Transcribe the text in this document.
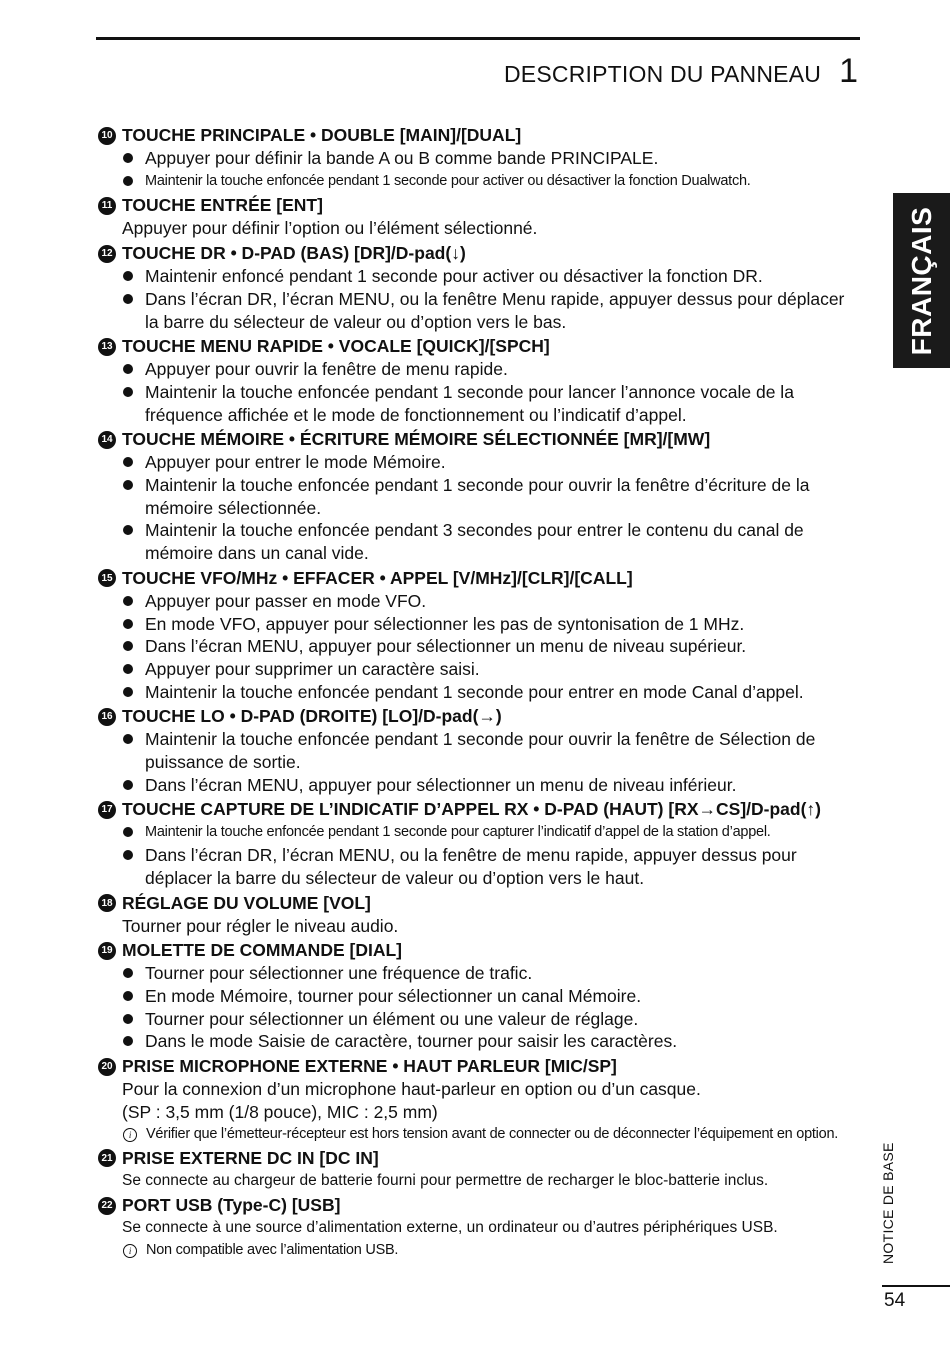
DESCRIPTION DU PANNEAU 1
FRANÇAIS
NOTICE DE BASE
54
10 TOUCHE PRINCIPALE • DOUBLE [MAIN]/[DUAL]
Appuyer pour définir la bande A ou B comme bande PRINCIPALE.
Maintenir la touche enfoncée pendant 1 seconde pour activer ou désactiver la fonction Dualwatch.
11 TOUCHE ENTRÉE [ENT]
Appuyer pour définir l’option ou l’élément sélectionné.
12 TOUCHE DR • D-PAD (BAS) [DR]/D-pad(↓)
Maintenir enfoncé pendant 1 seconde pour activer ou désactiver la fonction DR.
Dans l’écran DR, l’écran MENU, ou la fenêtre Menu rapide, appuyer dessus pour déplacer la barre du sélecteur de valeur ou d’option vers le bas.
13 TOUCHE MENU RAPIDE • VOCALE [QUICK]/[SPCH]
Appuyer pour ouvrir la fenêtre de menu rapide.
Maintenir la touche enfoncée pendant 1 seconde pour lancer l’annonce vocale de la fréquence affichée et le mode de fonctionnement ou l’indicatif d’appel.
14 TOUCHE MÉMOIRE • ÉCRITURE MÉMOIRE SÉLECTIONNÉE [MR]/[MW]
Appuyer pour entrer le mode Mémoire.
Maintenir la touche enfoncée pendant 1 seconde pour ouvrir la fenêtre d’écriture de la mémoire sélectionnée.
Maintenir la touche enfoncée pendant 3 secondes pour entrer le contenu du canal de mémoire dans un canal vide.
15 TOUCHE VFO/MHz • EFFACER • APPEL [V/MHz]/[CLR]/[CALL]
Appuyer pour passer en mode VFO.
En mode VFO, appuyer pour sélectionner les pas de syntonisation de 1 MHz.
Dans l’écran MENU, appuyer pour sélectionner un menu de niveau supérieur.
Appuyer pour supprimer un caractère saisi.
Maintenir la touche enfoncée pendant 1 seconde pour entrer en mode Canal d’appel.
16 TOUCHE LO • D-PAD (DROITE) [LO]/D-pad(→)
Maintenir la touche enfoncée pendant 1 seconde pour ouvrir la fenêtre de Sélection de puissance de sortie.
Dans l’écran MENU, appuyer pour sélectionner un menu de niveau inférieur.
17 TOUCHE CAPTURE DE L’INDICATIF D’APPEL RX • D-PAD (HAUT) [RX→CS]/D-pad(↑)
Maintenir la touche enfoncée pendant 1 seconde pour capturer l’indicatif d’appel de la station d’appel.
Dans l’écran DR, l’écran MENU, ou la fenêtre de menu rapide, appuyer dessus pour déplacer la barre du sélecteur de valeur ou d’option vers le haut.
18 RÉGLAGE DU VOLUME [VOL]
Tourner pour régler le niveau audio.
19 MOLETTE DE COMMANDE [DIAL]
Tourner pour sélectionner une fréquence de trafic.
En mode Mémoire, tourner pour sélectionner un canal Mémoire.
Tourner pour sélectionner un élément ou une valeur de réglage.
Dans le mode Saisie de caractère, tourner pour saisir les caractères.
20 PRISE MICROPHONE EXTERNE • HAUT PARLEUR [MIC/SP]
Pour la connexion d’un microphone haut-parleur en option ou d’un casque.
(SP : 3,5 mm (1/8 pouce), MIC : 2,5 mm)
i	Vérifier que l’émetteur-récepteur est hors tension avant de connecter ou de déconnecter l’équipement en option.
21 PRISE EXTERNE DC IN [DC IN]
Se connecte au chargeur de batterie fourni pour permettre de recharger le bloc-batterie inclus.
22 PORT USB (Type-C) [USB]
Se connecte à une source d’alimentation externe, un ordinateur ou d’autres périphériques USB.
i	Non compatible avec l’alimentation USB.
